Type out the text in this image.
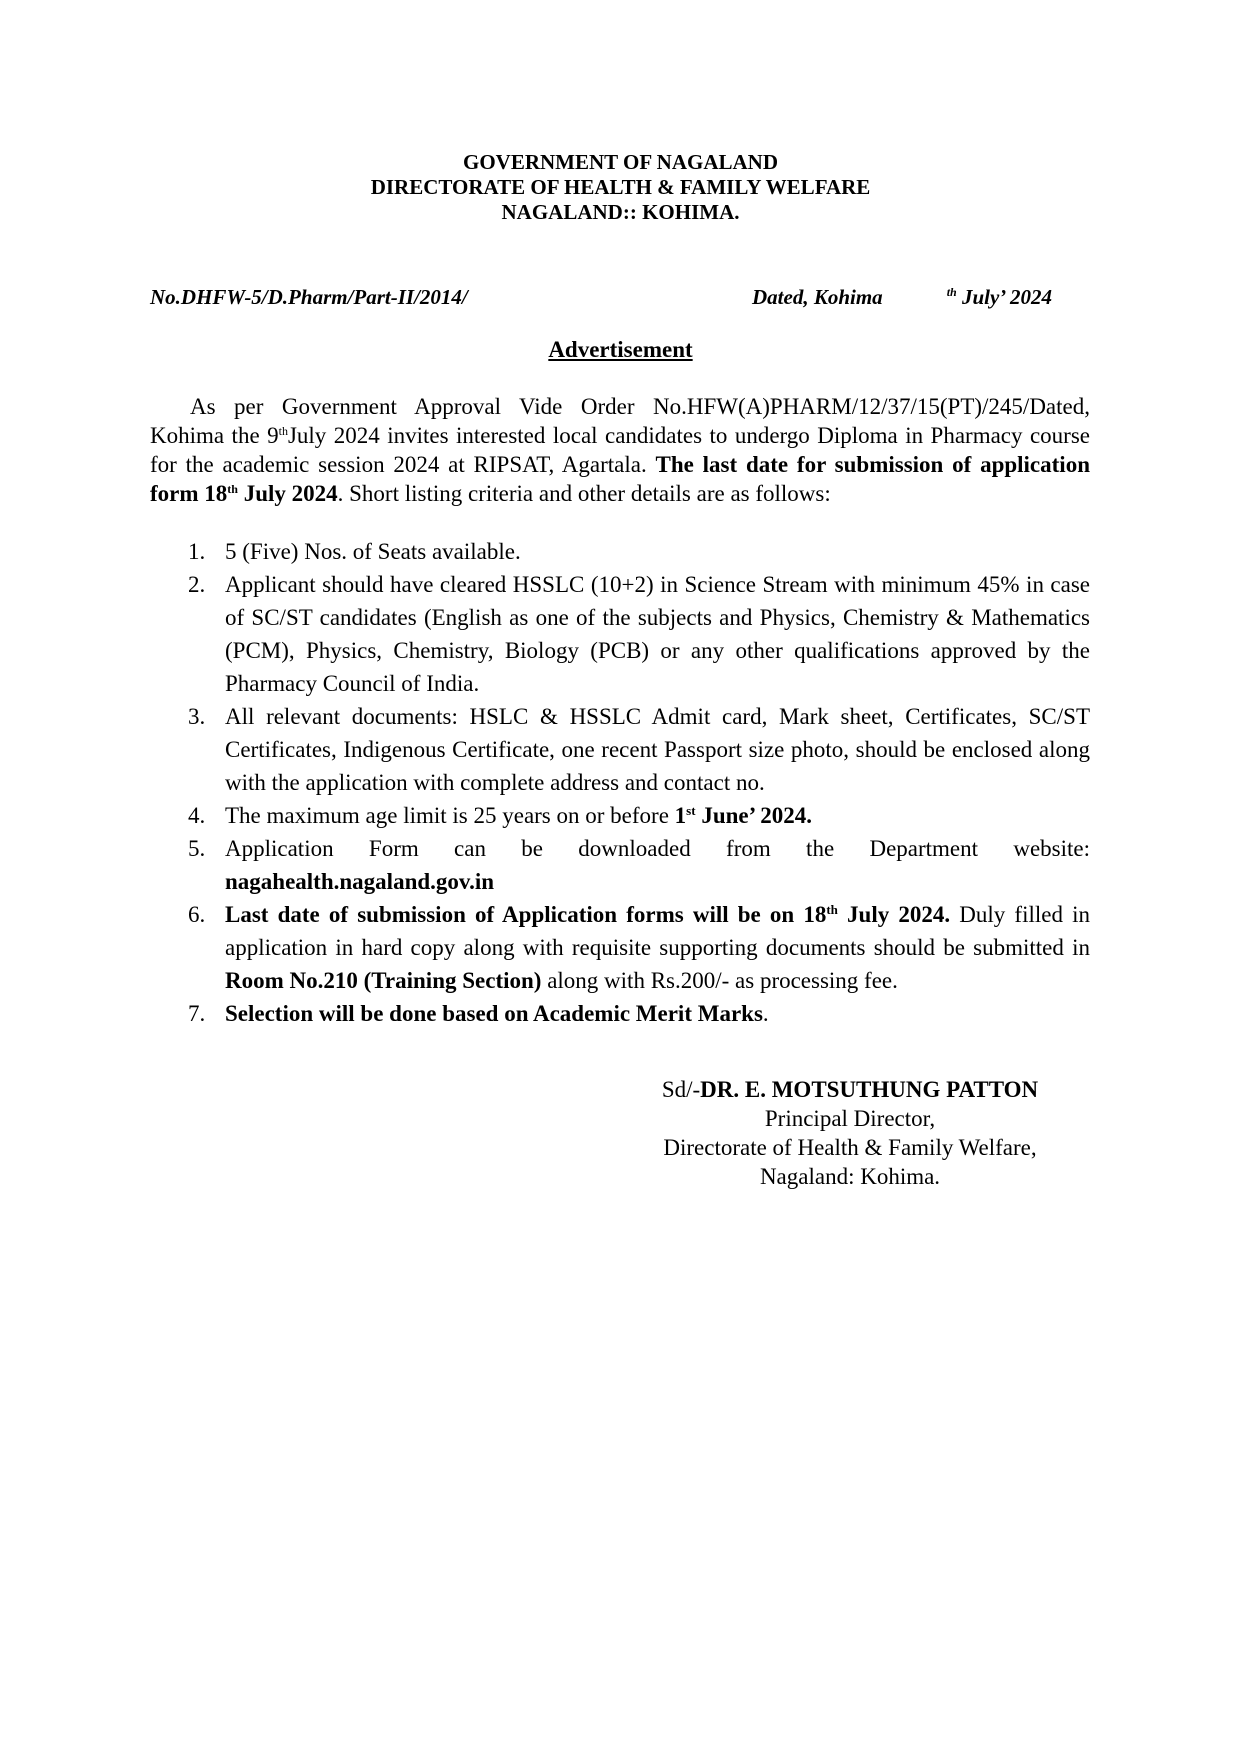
GOVERNMENT OF NAGALAND
DIRECTORATE OF HEALTH & FAMILY WELFARE
NAGALAND:: KOHIMA.
No.DHFW-5/D.Pharm/Part-II/2014/	Dated, Kohima	$^{th}$ July’ 2024
Advertisement
As per Government Approval Vide Order No.HFW(A)PHARM/12/37/15(PT)/245/Dated, Kohima the 9thJuly 2024 invites interested local candidates to undergo Diploma in Pharmacy course for the academic session 2024 at RIPSAT, Agartala. The last date for submission of application form 18th July 2024. Short listing criteria and other details are as follows:
1. 5 (Five) Nos. of Seats available.
2. Applicant should have cleared HSSLC (10+2) in Science Stream with minimum 45% in case of SC/ST candidates (English as one of the subjects and Physics, Chemistry & Mathematics (PCM), Physics, Chemistry, Biology (PCB) or any other qualifications approved by the Pharmacy Council of India.
3. All relevant documents: HSLC & HSSLC Admit card, Mark sheet, Certificates, SC/ST Certificates, Indigenous Certificate, one recent Passport size photo, should be enclosed along with the application with complete address and contact no.
4. The maximum age limit is 25 years on or before 1st June’ 2024.
5. Application Form can be downloaded from the Department website: nagahealth.nagaland.gov.in
6. Last date of submission of Application forms will be on 18th July 2024. Duly filled in application in hard copy along with requisite supporting documents should be submitted in Room No.210 (Training Section) along with Rs.200/- as processing fee.
7. Selection will be done based on Academic Merit Marks.
Sd/-DR. E. MOTSUTHUNG PATTON
Principal Director,
Directorate of Health & Family Welfare,
Nagaland: Kohima.
